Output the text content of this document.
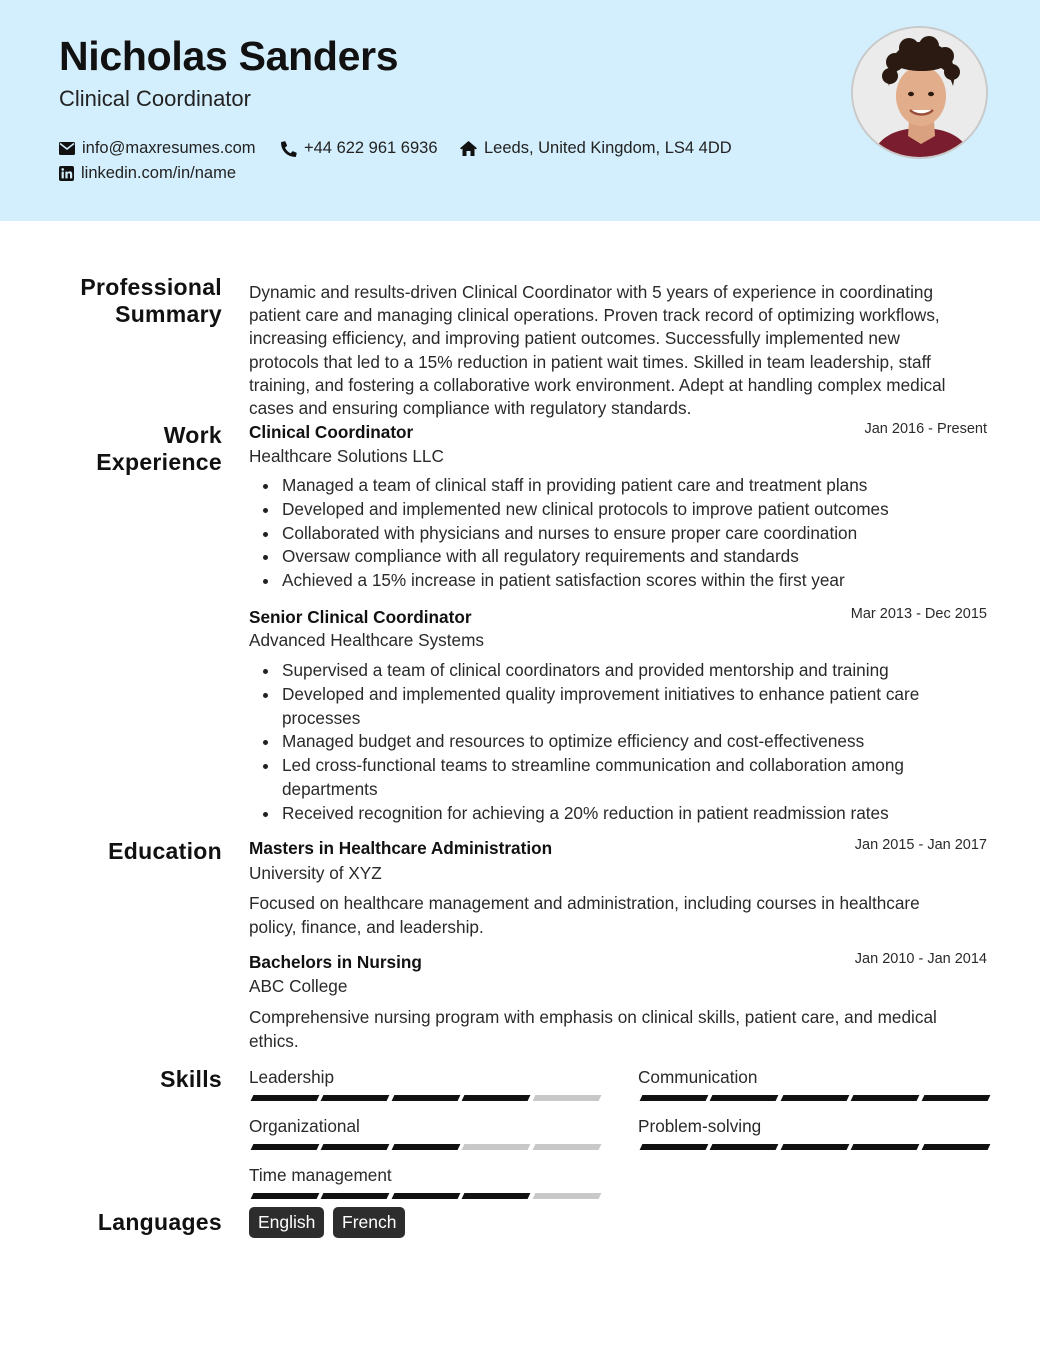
Nicholas Sanders
Clinical Coordinator
info@maxresumes.com	+44 622 961 6936	Leeds, United Kingdom, LS4 4DD
linkedin.com/in/name
Professional
Summary
Dynamic and results-driven Clinical Coordinator with 5 years of experience in coordinating
patient care and managing clinical operations. Proven track record of optimizing workflows,
increasing efficiency, and improving patient outcomes. Successfully implemented new
protocols that led to a 15% reduction in patient wait times. Skilled in team leadership, staff
training, and fostering a collaborative work environment. Adept at handling complex medical
cases and ensuring compliance with regulatory standards.
Work
Experience
Clinical Coordinator	Jan 2016 - Present
Healthcare Solutions LLC
Managed a team of clinical staff in providing patient care and treatment plans
Developed and implemented new clinical protocols to improve patient outcomes
Collaborated with physicians and nurses to ensure proper care coordination
Oversaw compliance with all regulatory requirements and standards
Achieved a 15% increase in patient satisfaction scores within the first year
Senior Clinical Coordinator	Mar 2013 - Dec 2015
Advanced Healthcare Systems
Supervised a team of clinical coordinators and provided mentorship and training
Developed and implemented quality improvement initiatives to enhance patient care processes
Managed budget and resources to optimize efficiency and cost-effectiveness
Led cross-functional teams to streamline communication and collaboration among departments
Received recognition for achieving a 20% reduction in patient readmission rates
Education Masters in Healthcare Administration	Jan 2015 - Jan 2017
University of XYZ
Focused on healthcare management and administration, including courses in healthcare
policy, finance, and leadership.
Bachelors in Nursing	Jan 2010 - Jan 2014
ABC College
Comprehensive nursing program with emphasis on clinical skills, patient care, and medical
ethics.
Skills Leadership	Communication
Organizational	Problem-solving
Time management
Languages	English	French
